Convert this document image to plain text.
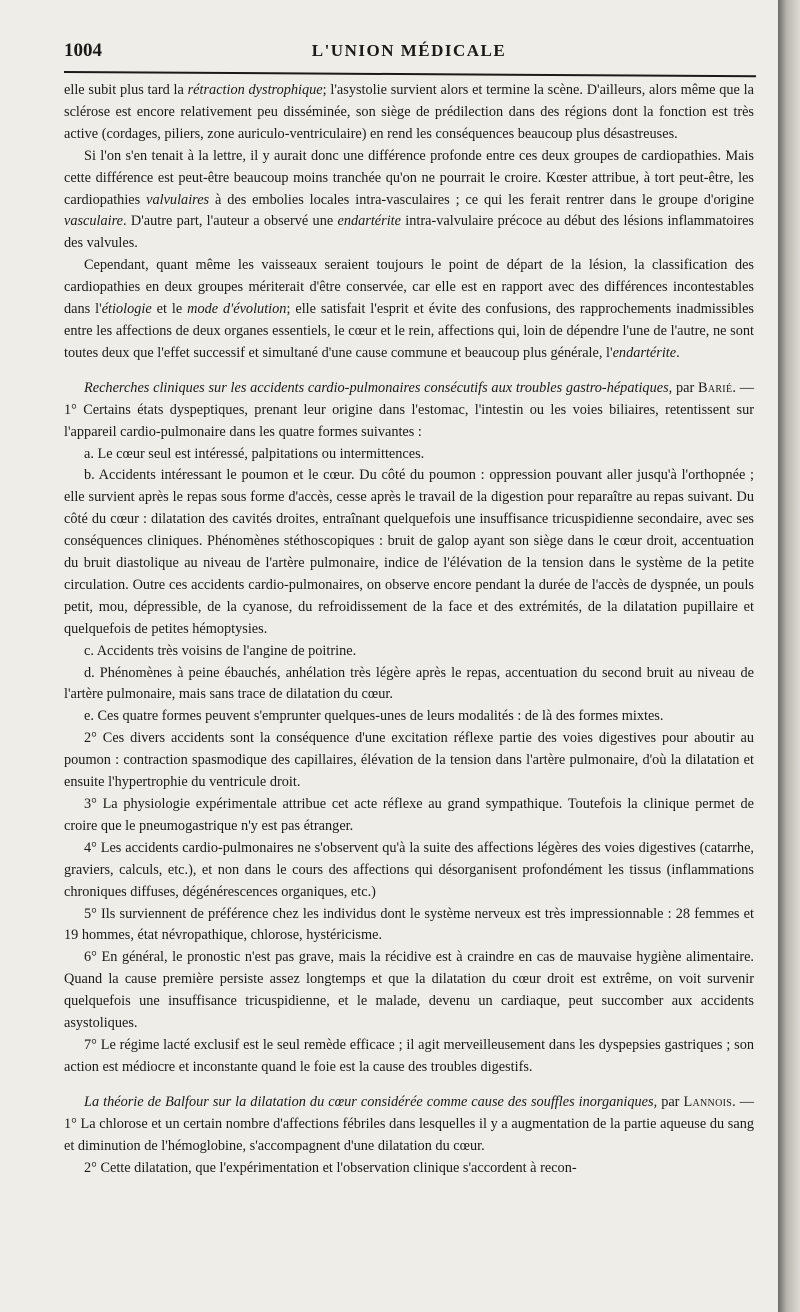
1004	L'UNION MÉDICALE

elle subit plus tard la rétraction dystrophique; l'asystolie survient alors et termine la scène. D'ailleurs, alors même que la sclérose est encore relativement peu disséminée, son siège de prédilection dans des régions dont la fonction est très active (cordages, piliers, zone auriculo-ventriculaire) en rend les conséquences beaucoup plus désastreuses.

Si l'on s'en tenait à la lettre, il y aurait donc une différence profonde entre ces deux groupes de cardiopathies. Mais cette différence est peut-être beaucoup moins tranchée qu'on ne pourrait le croire. Kœster attribue, à tort peut-être, les cardiopathies valvulaires à des embolies locales intra-vasculaires ; ce qui les ferait rentrer dans le groupe d'origine vasculaire. D'autre part, l'auteur a observé une endartérite intra-valvulaire précoce au début des lésions inflammatoires des valvules.

Cependant, quant même les vaisseaux seraient toujours le point de départ de la lésion, la classification des cardiopathies en deux groupes mériterait d'être conservée, car elle est en rapport avec des différences incontestables dans l'étiologie et le mode d'évolution; elle satisfait l'esprit et évite des confusions, des rapprochements inadmissibles entre les affections de deux organes essentiels, le cœur et le rein, affections qui, loin de dépendre l'une de l'autre, ne sont toutes deux que l'effet successif et simultané d'une cause commune et beaucoup plus générale, l'endartérite.

Recherches cliniques sur les accidents cardio-pulmonaires consécutifs aux troubles gastro-hépatiques, par Barié. — 1° Certains états dyspeptiques, prenant leur origine dans l'estomac, l'intestin ou les voies biliaires, retentissent sur l'appareil cardio-pulmonaire dans les quatre formes suivantes :

a. Le cœur seul est intéressé, palpitations ou intermittences.

b. Accidents intéressant le poumon et le cœur. Du côté du poumon : oppression pouvant aller jusqu'à l'orthopnée ; elle survient après le repas sous forme d'accès, cesse après le travail de la digestion pour reparaître au repas suivant. Du côté du cœur : dilatation des cavités droites, entraînant quelquefois une insuffisance tricuspidienne secondaire, avec ses conséquences cliniques. Phénomènes stéthoscopiques : bruit de galop ayant son siège dans le cœur droit, accentuation du bruit diastolique au niveau de l'artère pulmonaire, indice de l'élévation de la tension dans le système de la petite circulation. Outre ces accidents cardio-pulmonaires, on observe encore pendant la durée de l'accès de dyspnée, un pouls petit, mou, dépressible, de la cyanose, du refroidissement de la face et des extrémités, de la dilatation pupillaire et quelquefois de petites hémoptysies.

c. Accidents très voisins de l'angine de poitrine.

d. Phénomènes à peine ébauchés, anhélation très légère après le repas, accentuation du second bruit au niveau de l'artère pulmonaire, mais sans trace de dilatation du cœur.

e. Ces quatre formes peuvent s'emprunter quelques-unes de leurs modalités : de là des formes mixtes.

2° Ces divers accidents sont la conséquence d'une excitation réflexe partie des voies digestives pour aboutir au poumon : contraction spasmodique des capillaires, élévation de la tension dans l'artère pulmonaire, d'où la dilatation et ensuite l'hypertrophie du ventricule droit.

3° La physiologie expérimentale attribue cet acte réflexe au grand sympathique. Toutefois la clinique permet de croire que le pneumogastrique n'y est pas étranger.

4° Les accidents cardio-pulmonaires ne s'observent qu'à la suite des affections légères des voies digestives (catarrhe, graviers, calculs, etc.), et non dans le cours des affections qui désorganisent profondément les tissus (inflammations chroniques diffuses, dégénérescences organiques, etc.)

5° Ils surviennent de préférence chez les individus dont le système nerveux est très impressionnable : 28 femmes et 19 hommes, état névropathique, chlorose, hystéricisme.

6° En général, le pronostic n'est pas grave, mais la récidive est à craindre en cas de mauvaise hygiène alimentaire. Quand la cause première persiste assez longtemps et que la dilatation du cœur droit est extrême, on voit survenir quelquefois une insuffisance tricuspidienne, et le malade, devenu un cardiaque, peut succomber aux accidents asystoliques.

7° Le régime lacté exclusif est le seul remède efficace ; il agit merveilleusement dans les dyspepsies gastriques ; son action est médiocre et inconstante quand le foie est la cause des troubles digestifs.

La théorie de Balfour sur la dilatation du cœur considérée comme cause des souffles inorganiques, par Lannois. — 1° La chlorose et un certain nombre d'affections fébriles dans lesquelles il y a augmentation de la partie aqueuse du sang et diminution de l'hémoglobine, s'accompagnent d'une dilatation du cœur.

2° Cette dilatation, que l'expérimentation et l'observation clinique s'accordent à recon-
